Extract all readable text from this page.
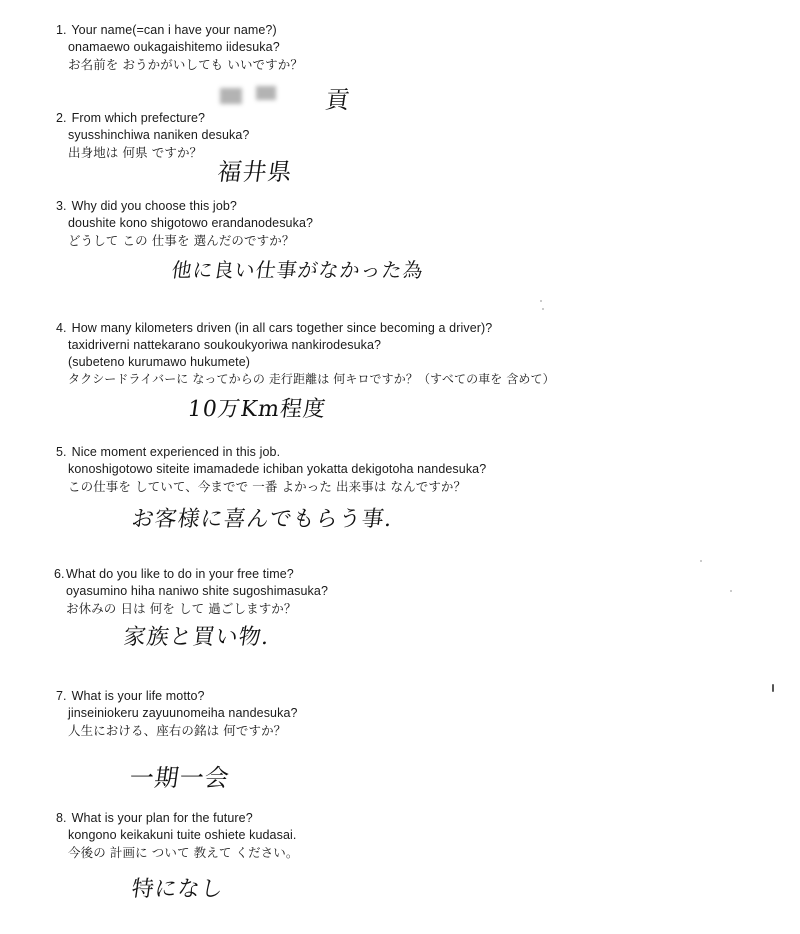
1. Your name(=can i have your name?)
onamaewo oukagaishitemo iidesuka?
お名前を おうかがいしても いいですか？
貢
2. From which prefecture?
syusshinchiwa naniken desuka?
出身地は 何県 ですか？
福井県
3. Why did you choose this job?
doushite kono shigotowo erandanodesuka?
どうして この 仕事を 選んだのですか？
他に良い仕事がなかった為
4. How many kilometers driven (in all cars together since becoming a driver)?
taxidriverni nattekarano soukoukyoriwa nankirodesuka?
(subeteno kurumawo hukumete)
タクシードライバーに なってからの 走行距離は 何キロですか？（すべての車を 含めて）
10万Km程度
5. Nice moment experienced in this job.
konoshigotowo siteite imamadede ichiban yokatta dekigotoha nandesuka?
この仕事を していて、今までで 一番 よかった 出来事は なんですか？
お客様に喜んでもらう事.
6.What do you like to do in your free time?
oyasumino hiha naniwo shite sugoshimasuka?
お休みの 日は 何を して 過ごしますか？
家族と買い物.
7. What is your life motto?
jinseiniokeru zayuunomeiha nandesuka?
人生における、座右の銘は 何ですか？
一期一会
8. What is your plan for the future?
kongono keikakuni tuite oshiete kudasai.
今後の 計画に ついて 教えて ください。
特になし
